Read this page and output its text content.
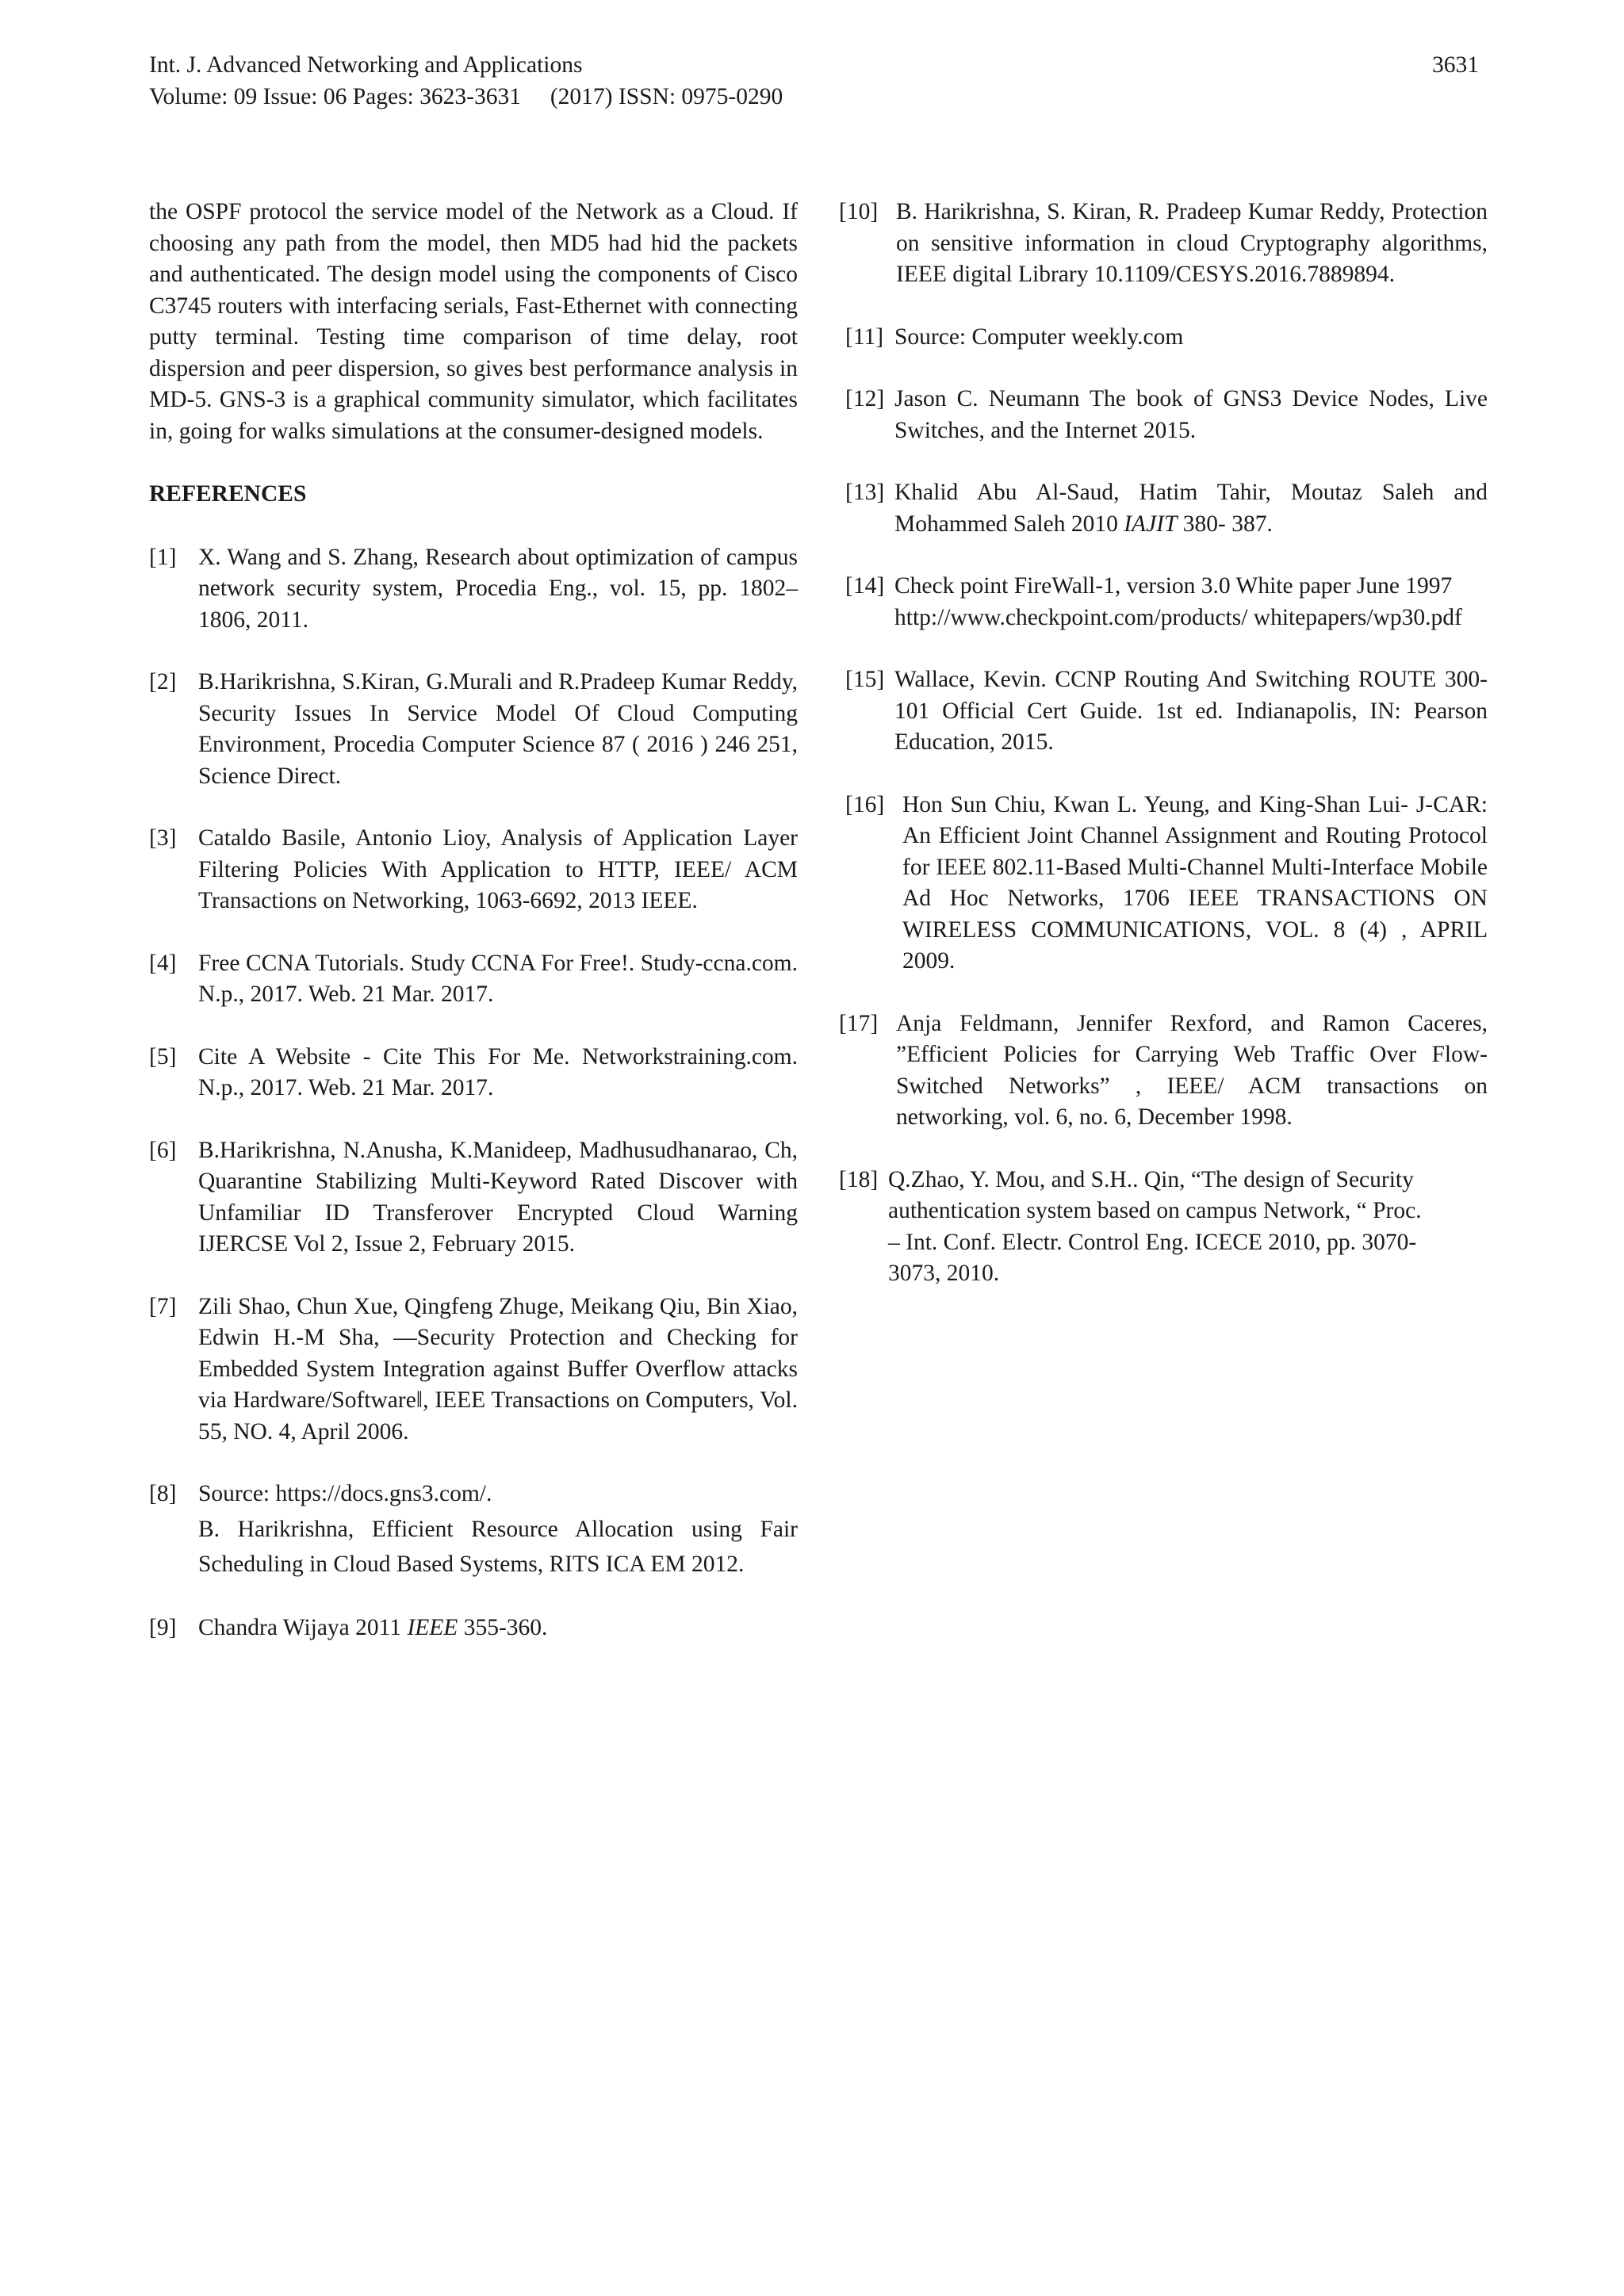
Int. J. Advanced Networking and Applications
Volume: 09 Issue: 06 Pages: 3623-3631     (2017) ISSN: 0975-0290
3631

the OSPF protocol the service model of the Network as a Cloud. If choosing any path from the model, then MD5 had hid the packets and authenticated. The design model using the components of Cisco C3745 routers with interfacing serials, Fast-Ethernet with connecting putty terminal. Testing time comparison of time delay, root dispersion and peer dispersion, so gives best performance analysis in MD-5. GNS-3 is a graphical community simulator, which facilitates in, going for walks simulations at the consumer-designed models.

REFERENCES
[1] X. Wang and S. Zhang, Research about optimization of campus network security system, Procedia Eng., vol. 15, pp. 1802–1806, 2011.
[2] B.Harikrishna, S.Kiran, G.Murali and R.Pradeep Kumar Reddy, Security Issues In Service Model Of Cloud Computing Environment, Procedia Computer Science 87 ( 2016 ) 246 251, Science Direct.
[3] Cataldo Basile, Antonio Lioy, Analysis of Application Layer Filtering Policies With Application to HTTP, IEEE/ ACM Transactions on Networking, 1063-6692, 2013 IEEE.
[4] Free CCNA Tutorials. Study CCNA For Free!. Study-ccna.com. N.p., 2017. Web. 21 Mar. 2017.
[5] Cite A Website - Cite This For Me. Networkstraining.com. N.p., 2017. Web. 21 Mar. 2017.
[6] B.Harikrishna, N.Anusha, K.Manideep, Madhusudhanarao, Ch, Quarantine Stabilizing Multi-Keyword Rated Discover with Unfamiliar ID Transferover Encrypted Cloud Warning IJERCSE Vol 2, Issue 2, February 2015.
[7] Zili Shao, Chun Xue, Qingfeng Zhuge, Meikang Qiu, Bin Xiao, Edwin H.-M Sha, ―Security Protection and Checking for Embedded System Integration against Buffer Overflow attacks via Hardware/Software‖, IEEE Transactions on Computers, Vol. 55, NO. 4, April 2006.
[8] Source: https://docs.gns3.com/.
B. Harikrishna, Efficient Resource Allocation using Fair Scheduling in Cloud Based Systems, RITS ICA EM 2012.
[9] Chandra Wijaya 2011 IEEE 355-360.
[10] B. Harikrishna, S. Kiran, R. Pradeep Kumar Reddy, Protection on sensitive information in cloud Cryptography algorithms, IEEE digital Library 10.1109/CESYS.2016.7889894.
[11] Source: Computer weekly.com
[12] Jason C. Neumann The book of GNS3 Device Nodes, Live Switches, and the Internet 2015.
[13] Khalid Abu Al-Saud, Hatim Tahir, Moutaz Saleh and Mohammed Saleh 2010 IAJIT 380- 387.
[14] Check point FireWall-1, version 3.0 White paper June 1997 http://www.checkpoint.com/products/ whitepapers/wp30.pdf
[15] Wallace, Kevin. CCNP Routing And Switching ROUTE 300-101 Official Cert Guide. 1st ed. Indianapolis, IN: Pearson Education, 2015.
[16] Hon Sun Chiu, Kwan L. Yeung, and King-Shan Lui- J-CAR: An Efficient Joint Channel Assignment and Routing Protocol for IEEE 802.11-Based Multi-Channel Multi-Interface Mobile Ad Hoc Networks, 1706 IEEE TRANSACTIONS ON WIRELESS COMMUNICATIONS, VOL. 8 (4) , APRIL 2009.
[17] Anja Feldmann, Jennifer Rexford, and Ramon Caceres, ”Efficient Policies for Carrying Web Traffic Over Flow- Switched Networks” , IEEE/ ACM transactions on networking, vol. 6, no. 6, December 1998.
[18] Q.Zhao, Y. Mou, and S.H.. Qin, “The design of Security authentication system based on campus Network, “ Proc. – Int. Conf. Electr. Control Eng. ICECE 2010, pp. 3070-3073, 2010.
